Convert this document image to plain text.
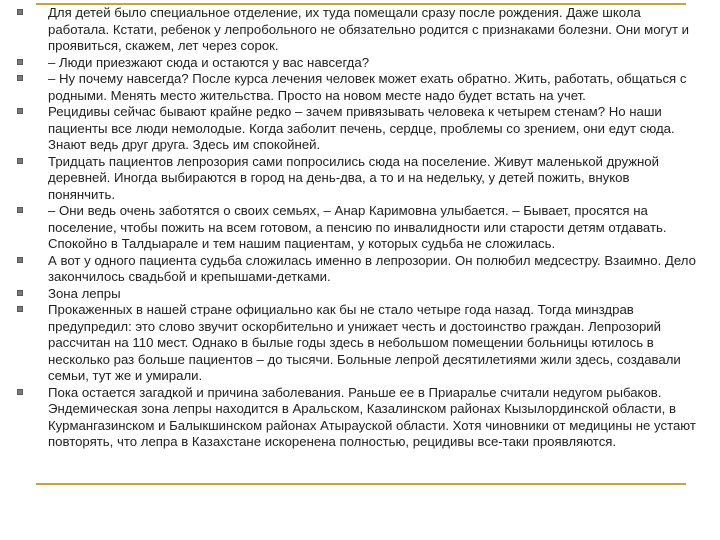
Для детей было специальное отделение, их туда помещали сразу после рождения. Даже школа работала. Кстати, ребенок у лепробольного не обязательно родится с признаками болезни. Они могут и проявиться, скажем, лет через сорок.
– Люди приезжают сюда и остаются у вас навсегда?
– Ну почему навсегда? После курса лечения человек может ехать обратно. Жить, работать, общаться с родными. Менять место жительства. Просто на новом месте надо будет встать на учет.
Рецидивы сейчас бывают крайне редко – зачем привязывать человека к четырем стенам? Но наши пациенты все люди немолодые. Когда заболит печень, сердце, проблемы со зрением, они едут сюда. Знают ведь друг друга. Здесь им спокойней.
Тридцать пациентов лепрозория сами попросились сюда на поселение. Живут маленькой дружной деревней. Иногда выбираются в город на день-два, а то и на недельку, у детей пожить, внуков понянчить.
– Они ведь очень заботятся о своих семьях, – Анар Каримовна улыбается. – Бывает, просятся на поселение, чтобы пожить на всем готовом, а пенсию по инвалидности или старости детям отдавать. Спокойно в Талдыарале и тем нашим пациентам, у которых судьба не сложилась.
А вот у одного пациента судьба сложилась именно в лепрозории. Он полюбил медсестру. Взаимно. Дело закончилось свадьбой и крепышами-детками.
Зона лепры
Прокаженных в нашей стране официально как бы не стало четыре года назад. Тогда минздрав предупредил: это слово звучит оскорбительно и унижает честь и достоинство граждан. Лепрозорий рассчитан на 110 мест. Однако в былые годы здесь в небольшом помещении больницы ютилось в несколько раз больше пациентов – до тысячи. Больные лепрой десятилетиями жили здесь, создавали семьи, тут же и умирали.
Пока остается загадкой и причина заболевания. Раньше ее в Приаралье считали недугом рыбаков. Эндемическая зона лепры находится в Аральском, Казалинском районах Кызылординской области, в Курмангазинском и Балыкшинском районах Атырауской области. Хотя чиновники от медицины не устают повторять, что лепра в Казахстане искоренена полностью, рецидивы все-таки проявляются.
